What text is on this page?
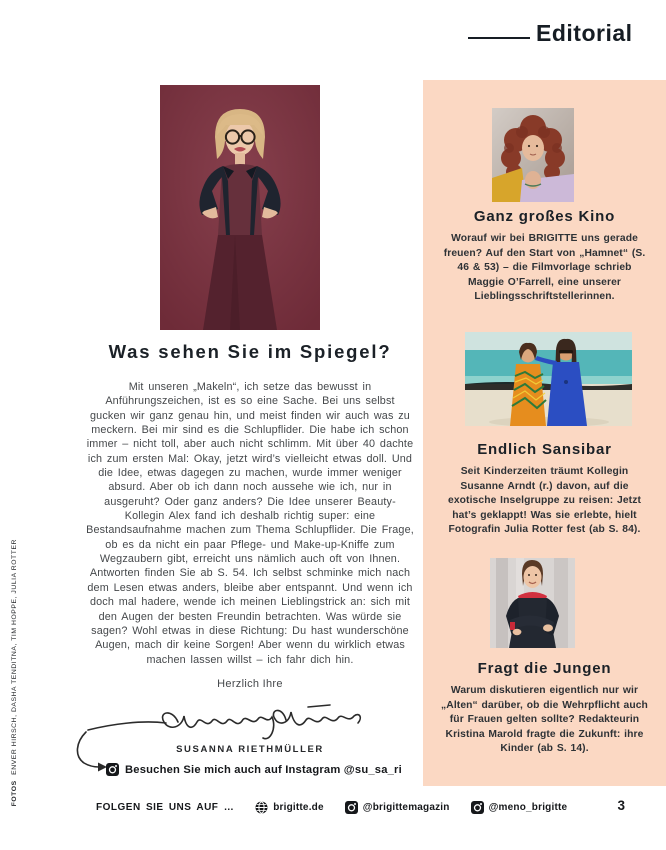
Editorial
Was sehen Sie im Spiegel?
Mit unseren „Makeln“, ich setze das bewusst in Anführungszeichen, ist es so eine Sache. Bei uns selbst gucken wir ganz genau hin, und meist finden wir auch was zu meckern. Bei mir sind es die Schlupflider. Die habe ich schon immer – nicht toll, aber auch nicht schlimm. Mit über 40 dachte ich zum ersten Mal: Okay, jetzt wird’s vielleicht etwas doll. Und die Idee, etwas dagegen zu machen, wurde immer weniger absurd. Aber ob ich dann noch aussehe wie ich, nur in ausgeruht? Oder ganz anders? Die Idee unserer Beauty-Kollegin Alex fand ich deshalb richtig super: eine Bestandsaufnahme machen zum Thema Schlupflider. Die Frage, ob es da nicht ein paar Pflege- und Make-up-Kniffe zum Wegzaubern gibt, erreicht uns nämlich auch oft von Ihnen. Antworten finden Sie ab S. 54. Ich selbst schminke mich nach dem Lesen etwas anders, bleibe aber entspannt. Und wenn ich doch mal hadere, wende ich meinen Lieblingstrick an: sich mit den Augen der besten Freundin betrachten. Was würde sie sagen? Wohl etwas in diese Richtung: Du hast wunderschöne Augen, mach dir keine Sorgen! Aber wenn du wirklich etwas machen lassen willst – ich fahr dich hin.
Herzlich Ihre
SUSANNA RIETHMÜLLER
Besuchen Sie mich auch auf Instagram @su_sa_ri
FOTOS ENVER HIRSCH, DASHA TENDITNA, TIM HOPPE, JULIA ROTTER
Ganz großes Kino
Worauf wir bei BRIGITTE uns gerade freuen? Auf den Start von „Hamnet“ (S. 46 & 53) – die Filmvorlage schrieb Maggie O’Farrell, eine unserer Lieblingsschriftstellerinnen.
Endlich Sansibar
Seit Kinderzeiten träumt Kollegin Susanne Arndt (r.) davon, auf die exotische Inselgruppe zu reisen: Jetzt hat’s geklappt! Was sie erlebte, hielt Fotografin Julia Rotter fest (ab S. 84).
Fragt die Jungen
Warum diskutieren eigentlich nur wir „Alten“ darüber, ob die Wehrpflicht auch für Frauen gelten sollte? Redakteurin Kristina Marold fragte die Zukunft: ihre Kinder (ab S. 14).
FOLGEN SIE UNS AUF …	brigitte.de	@brigittemagazin	@meno_brigitte	3
